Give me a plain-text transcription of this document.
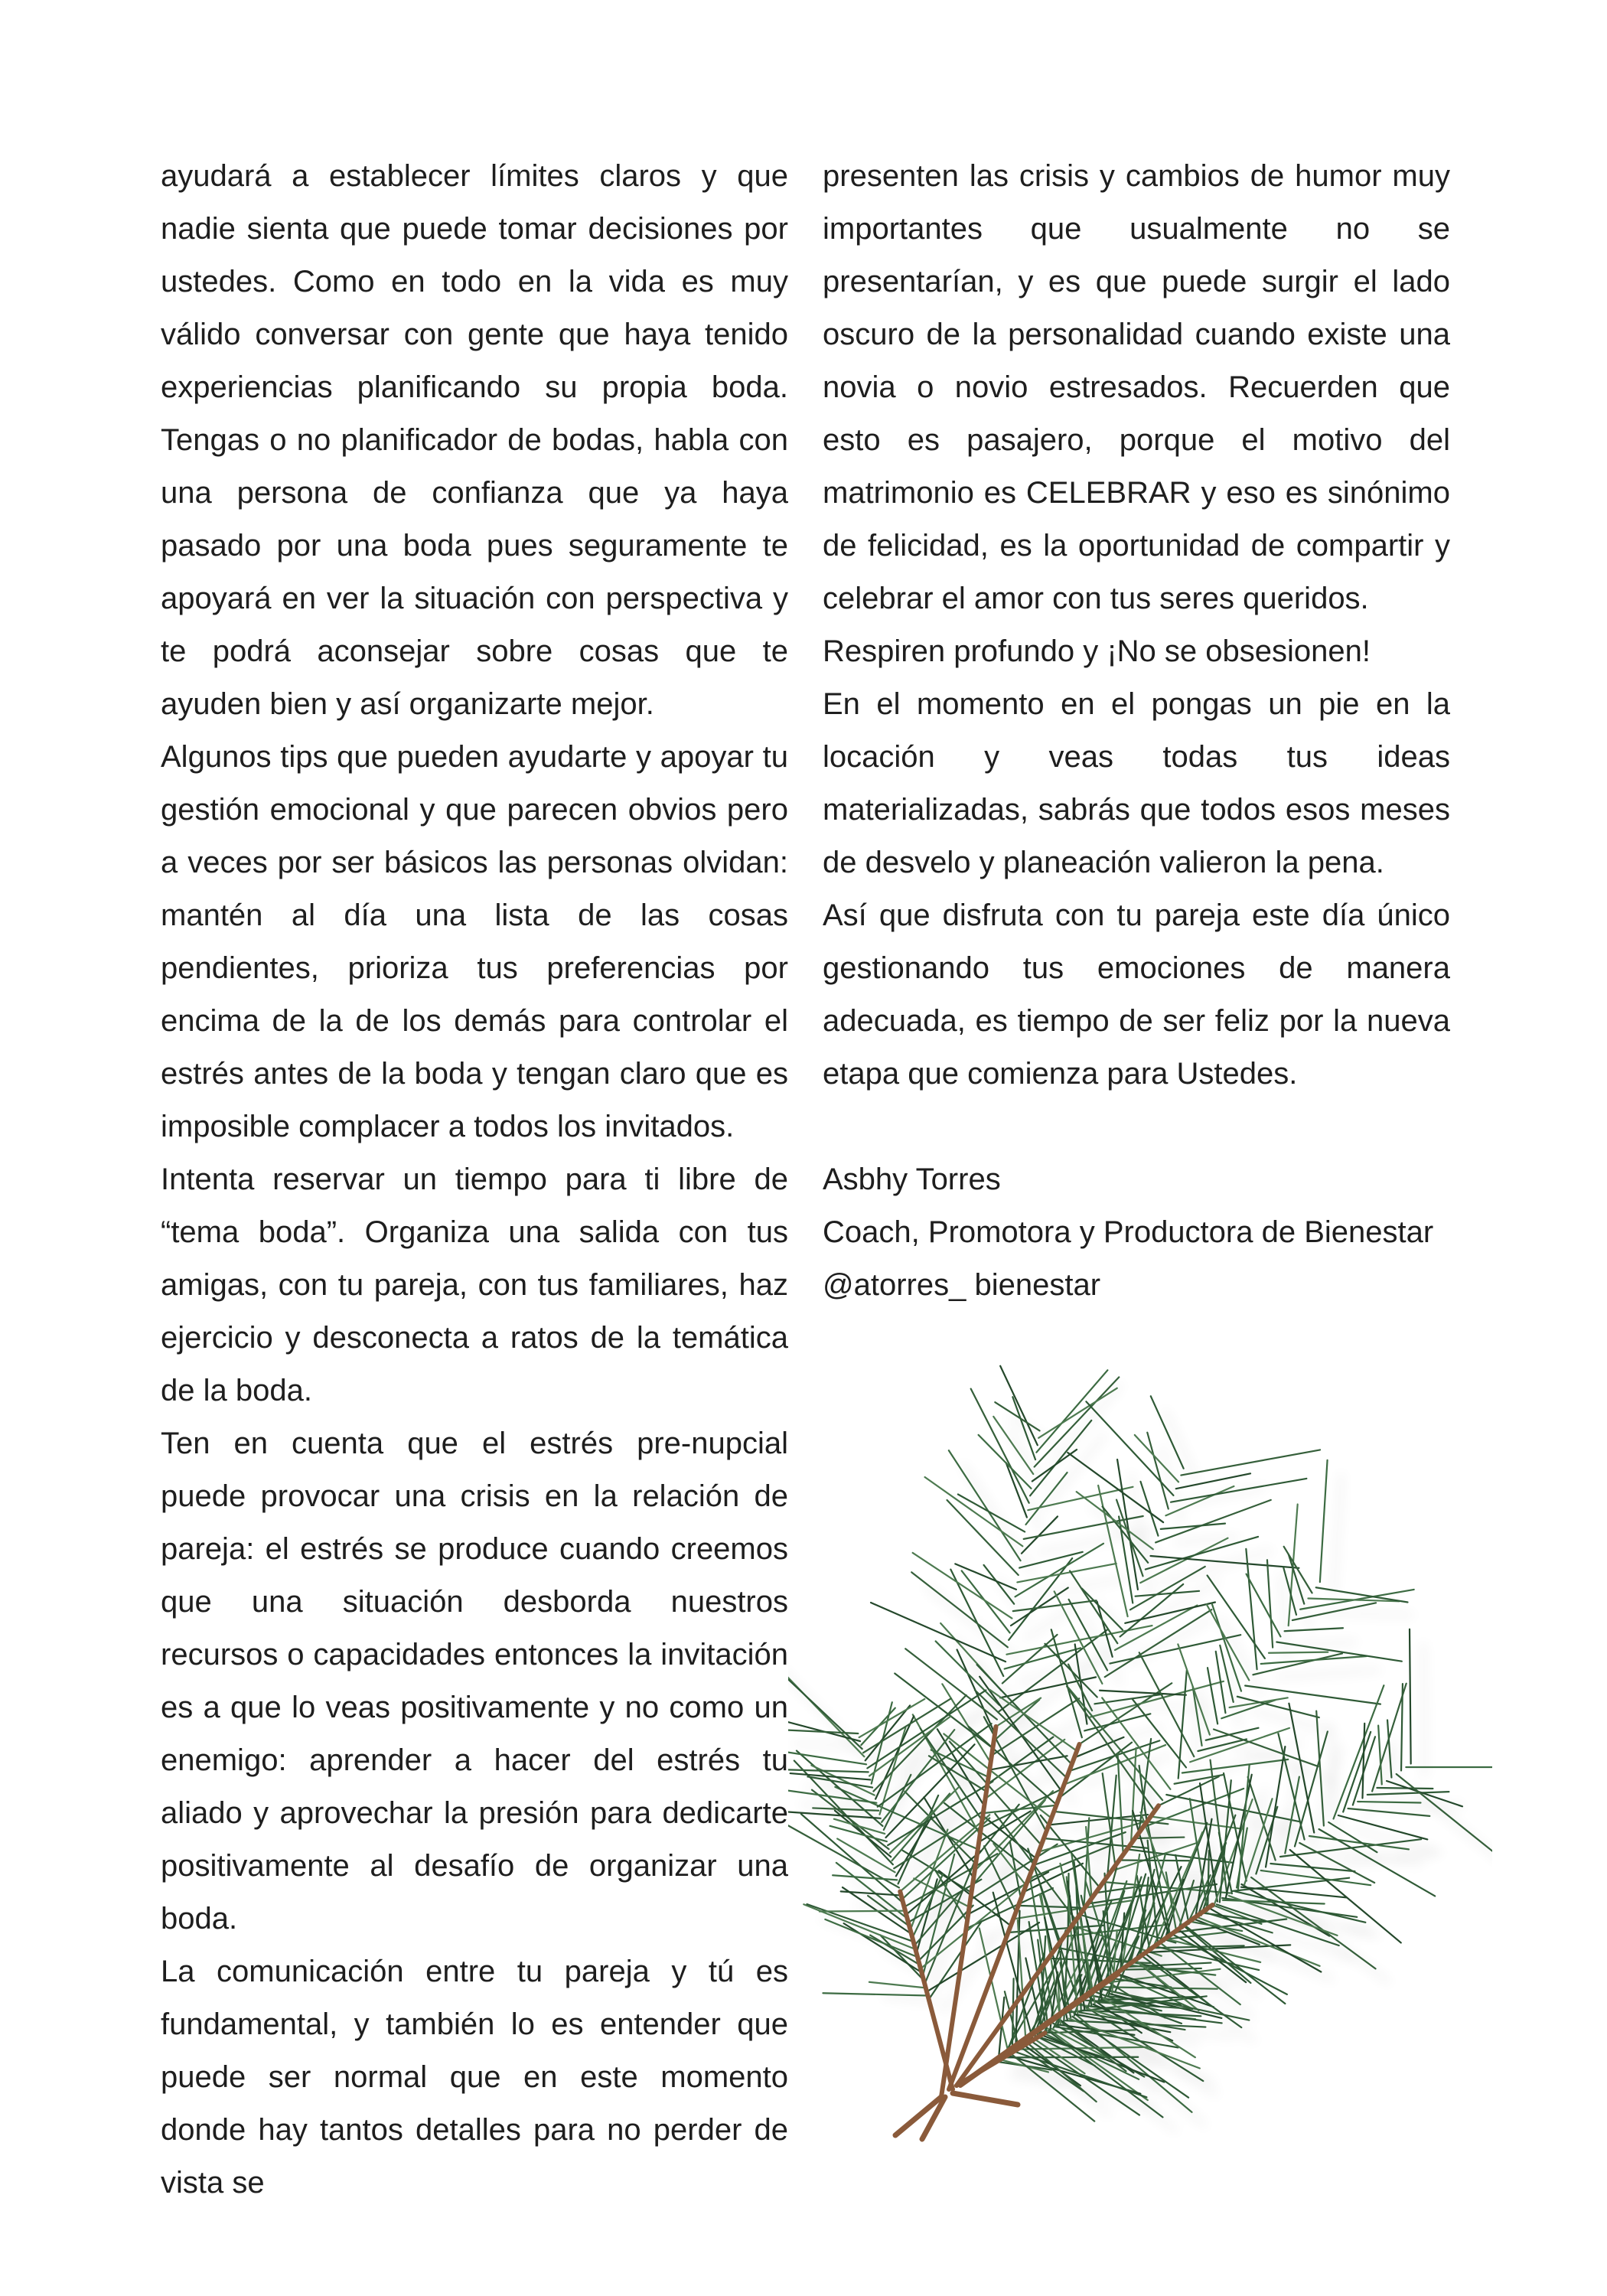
ayudará a establecer límites claros y que nadie sienta que puede tomar decisiones por ustedes. Como en todo en la vida es muy válido conversar con gente que haya tenido experiencias planificando su propia boda. Tengas o no planificador de bodas, habla con una persona de confianza que ya haya pasado por una boda pues seguramente te apoyará en ver la situación con perspectiva y te podrá aconsejar sobre cosas que te ayuden bien y así organizarte mejor.

Algunos tips que pueden ayudarte y apoyar tu gestión emocional y que parecen obvios pero a veces por ser básicos las personas olvidan: mantén al día una lista de las cosas pendientes, prioriza tus preferencias por encima de la de los demás para controlar el estrés antes de la boda y tengan claro que es imposible complacer a todos los invitados.

Intenta reservar un tiempo para ti libre de “tema boda”. Organiza una salida con tus amigas, con tu pareja, con tus familiares, haz ejercicio y desconecta a ratos de la temática de la boda.

Ten en cuenta que el estrés pre-nupcial puede provocar una crisis en la relación de pareja: el estrés se produce cuando creemos que una situación desborda nuestros recursos o capacidades entonces la invitación es a que lo veas positivamente y no como un enemigo: aprender a hacer del estrés tu aliado y aprovechar la presión para dedicarte positivamente al desafío de organizar una boda.

La comunicación entre tu pareja y tú es fundamental, y también lo es entender que puede ser normal que en este momento donde hay tantos detalles para no perder de vista se

presenten las crisis y cambios de humor muy importantes que usualmente no se presentarían, y es que puede surgir el lado oscuro de la personalidad cuando existe una novia o novio estresados. Recuerden que esto es pasajero, porque el motivo del matrimonio es CELEBRAR y eso es sinónimo de felicidad, es la oportunidad de compartir y celebrar el amor con tus seres queridos.

Respiren profundo y ¡No se obsesionen!

En el momento en el pongas un pie en la locación y veas todas tus ideas materializadas, sabrás que todos esos meses de desvelo y planeación valieron la pena.

Así que disfruta con tu pareja este día único gestionando tus emociones de manera adecuada, es tiempo de ser feliz por la nueva etapa que comienza para Ustedes.

Asbhy Torres
Coach, Promotora y Productora de Bienestar
@atorres_ bienestar
